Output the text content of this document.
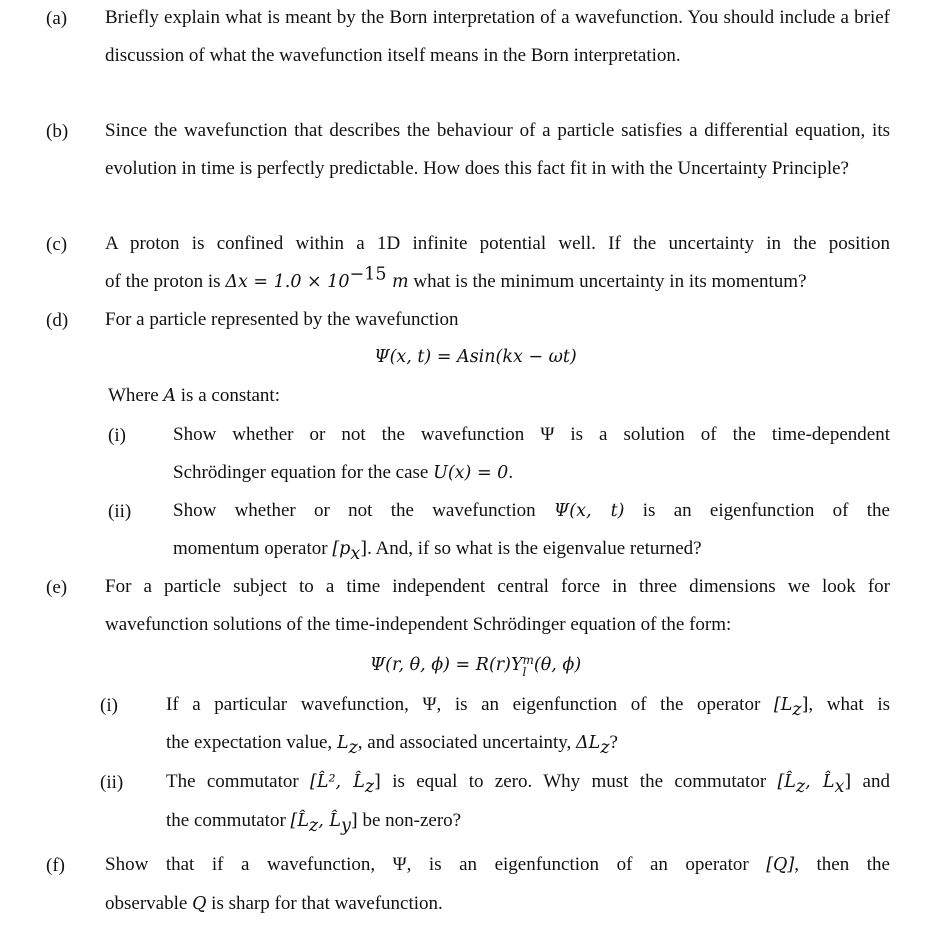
(a)	Briefly explain what is meant by the Born interpretation of a wavefunction. You should include a brief discussion of what the wavefunction itself means in the Born interpretation.

(b)	Since the wavefunction that describes the behaviour of a particle satisfies a differential equation, its evolution in time is perfectly predictable. How does this fact fit in with the Uncertainty Principle?

(c)	A proton is confined within a 1D infinite potential well. If the uncertainty in the position
of the proton is $\Delta x = 1.0 \times 10^{-15}$ m what is the minimum uncertainty in its momentum?
(d)	For a particle represented by the wavefunction
Ψ(x, t) = Asin(kx − ωt)
Where A is a constant:
(i)	Show whether or not the wavefunction Ψ is a solution of the time-dependent
Schrödinger equation for the case U(x) = 0.
(ii)	Show whether or not the wavefunction Ψ(x, t) is an eigenfunction of the
momentum operator $[p_x]$. And, if so what is the eigenvalue returned?
(e)	For a particle subject to a time independent central force in three dimensions we look for
wavefunction solutions of the time-independent Schrödinger equation of the form:
Ψ(r, θ, ϕ) = R(r)Y m
l (θ, ϕ)
(i)	If a particular wavefunction, Ψ, is an eigenfunction of the operator $[L_z]$, what is
the expectation value, $L_z$, and associated uncertainty, $\Delta L_z$?
(ii)	The commutator [L̂², $L̂_z$] is equal to zero. Why must the commutator [$L̂_z$, $L̂_x$] and
the commutator [$L̂_z$, $L̂_y$] be non-zero?
(f)	Show that if a wavefunction, Ψ, is an eigenfunction of an operator [Q], then the
observable Q is sharp for that wavefunction.
